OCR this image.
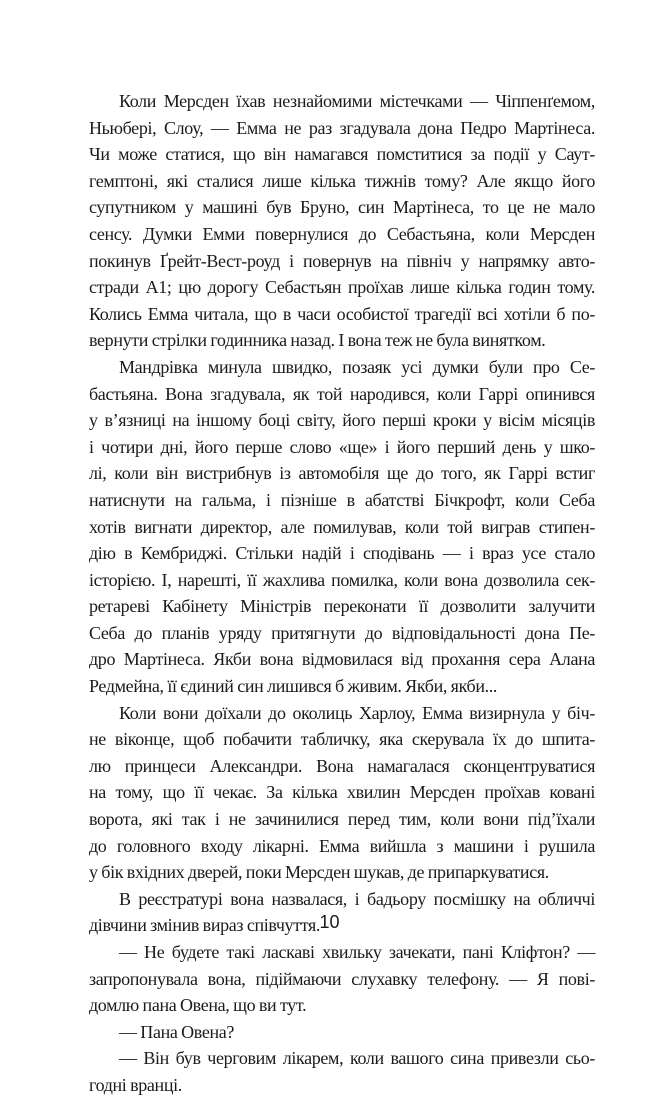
Коли Мерсден їхав незнайомими містечками — Чіппенґемом,
Ньюбері, Слоу, — Емма не раз згадувала дона Педро Мартінеса.
Чи може статися, що він намагався помститися за події у Саут-
гемптоні, які сталися лише кілька тижнів тому? Але якщо його
супутником у машині був Бруно, син Мартінеса, то це не мало
сенсу. Думки Емми повернулися до Себастьяна, коли Мерсден
покинув Ґрейт-Вест-роуд і повернув на північ у напрямку авто-
стради А1; цю дорогу Себастьян проїхав лише кілька годин тому.
Колись Емма читала, що в часи особистої трагедії всі хотіли б по-
вернути стрілки годинника назад. І вона теж не була винятком.

Мандрівка минула швидко, позаяк усі думки були про Се-
бастьяна. Вона згадувала, як той народився, коли Гаррі опинився
у в’язниці на іншому боці світу, його перші кроки у вісім місяців
і чотири дні, його перше слово «ще» і його перший день у шко-
лі, коли він вистрибнув із автомобіля ще до того, як Гаррі встиг
натиснути на гальма, і пізніше в абатстві Бічкрофт, коли Себа
хотів вигнати директор, але помилував, коли той виграв стипен-
дію в Кембриджі. Стільки надій і сподівань — і враз усе стало
історією. І, нарешті, її жахлива помилка, коли вона дозволила сек-
ретареві Кабінету Міністрів переконати її дозволити залучити
Себа до планів уряду притягнути до відповідальності дона Пе-
дро Мартінеса. Якби вона відмовилася від прохання сера Алана
Редмейна, її єдиний син лишився б живим. Якби, якби...

Коли вони доїхали до околиць Харлоу, Емма визирнула у біч-
не віконце, щоб побачити табличку, яка скерувала їх до шпита-
лю принцеси Александри. Вона намагалася сконцентруватися
на тому, що її чекає. За кілька хвилин Мерсден проїхав ковані
ворота, які так і не зачинилися перед тим, коли вони під’їхали
до головного входу лікарні. Емма вийшла з машини і рушила
у бік вхідних дверей, поки Мерсден шукав, де припаркуватися.

В реєстратурі вона назвалася, і бадьору посмішку на обличчі
дівчини змінив вираз співчуття.

— Не будете такі ласкаві хвильку зачекати, пані Кліфтон? —
запропонувала вона, підіймаючи слухавку телефону. — Я пові-
домлю пана Овена, що ви тут.

— Пана Овена?

— Він був черговим лікарем, коли вашого сина привезли сьо-
годні вранці.

10
